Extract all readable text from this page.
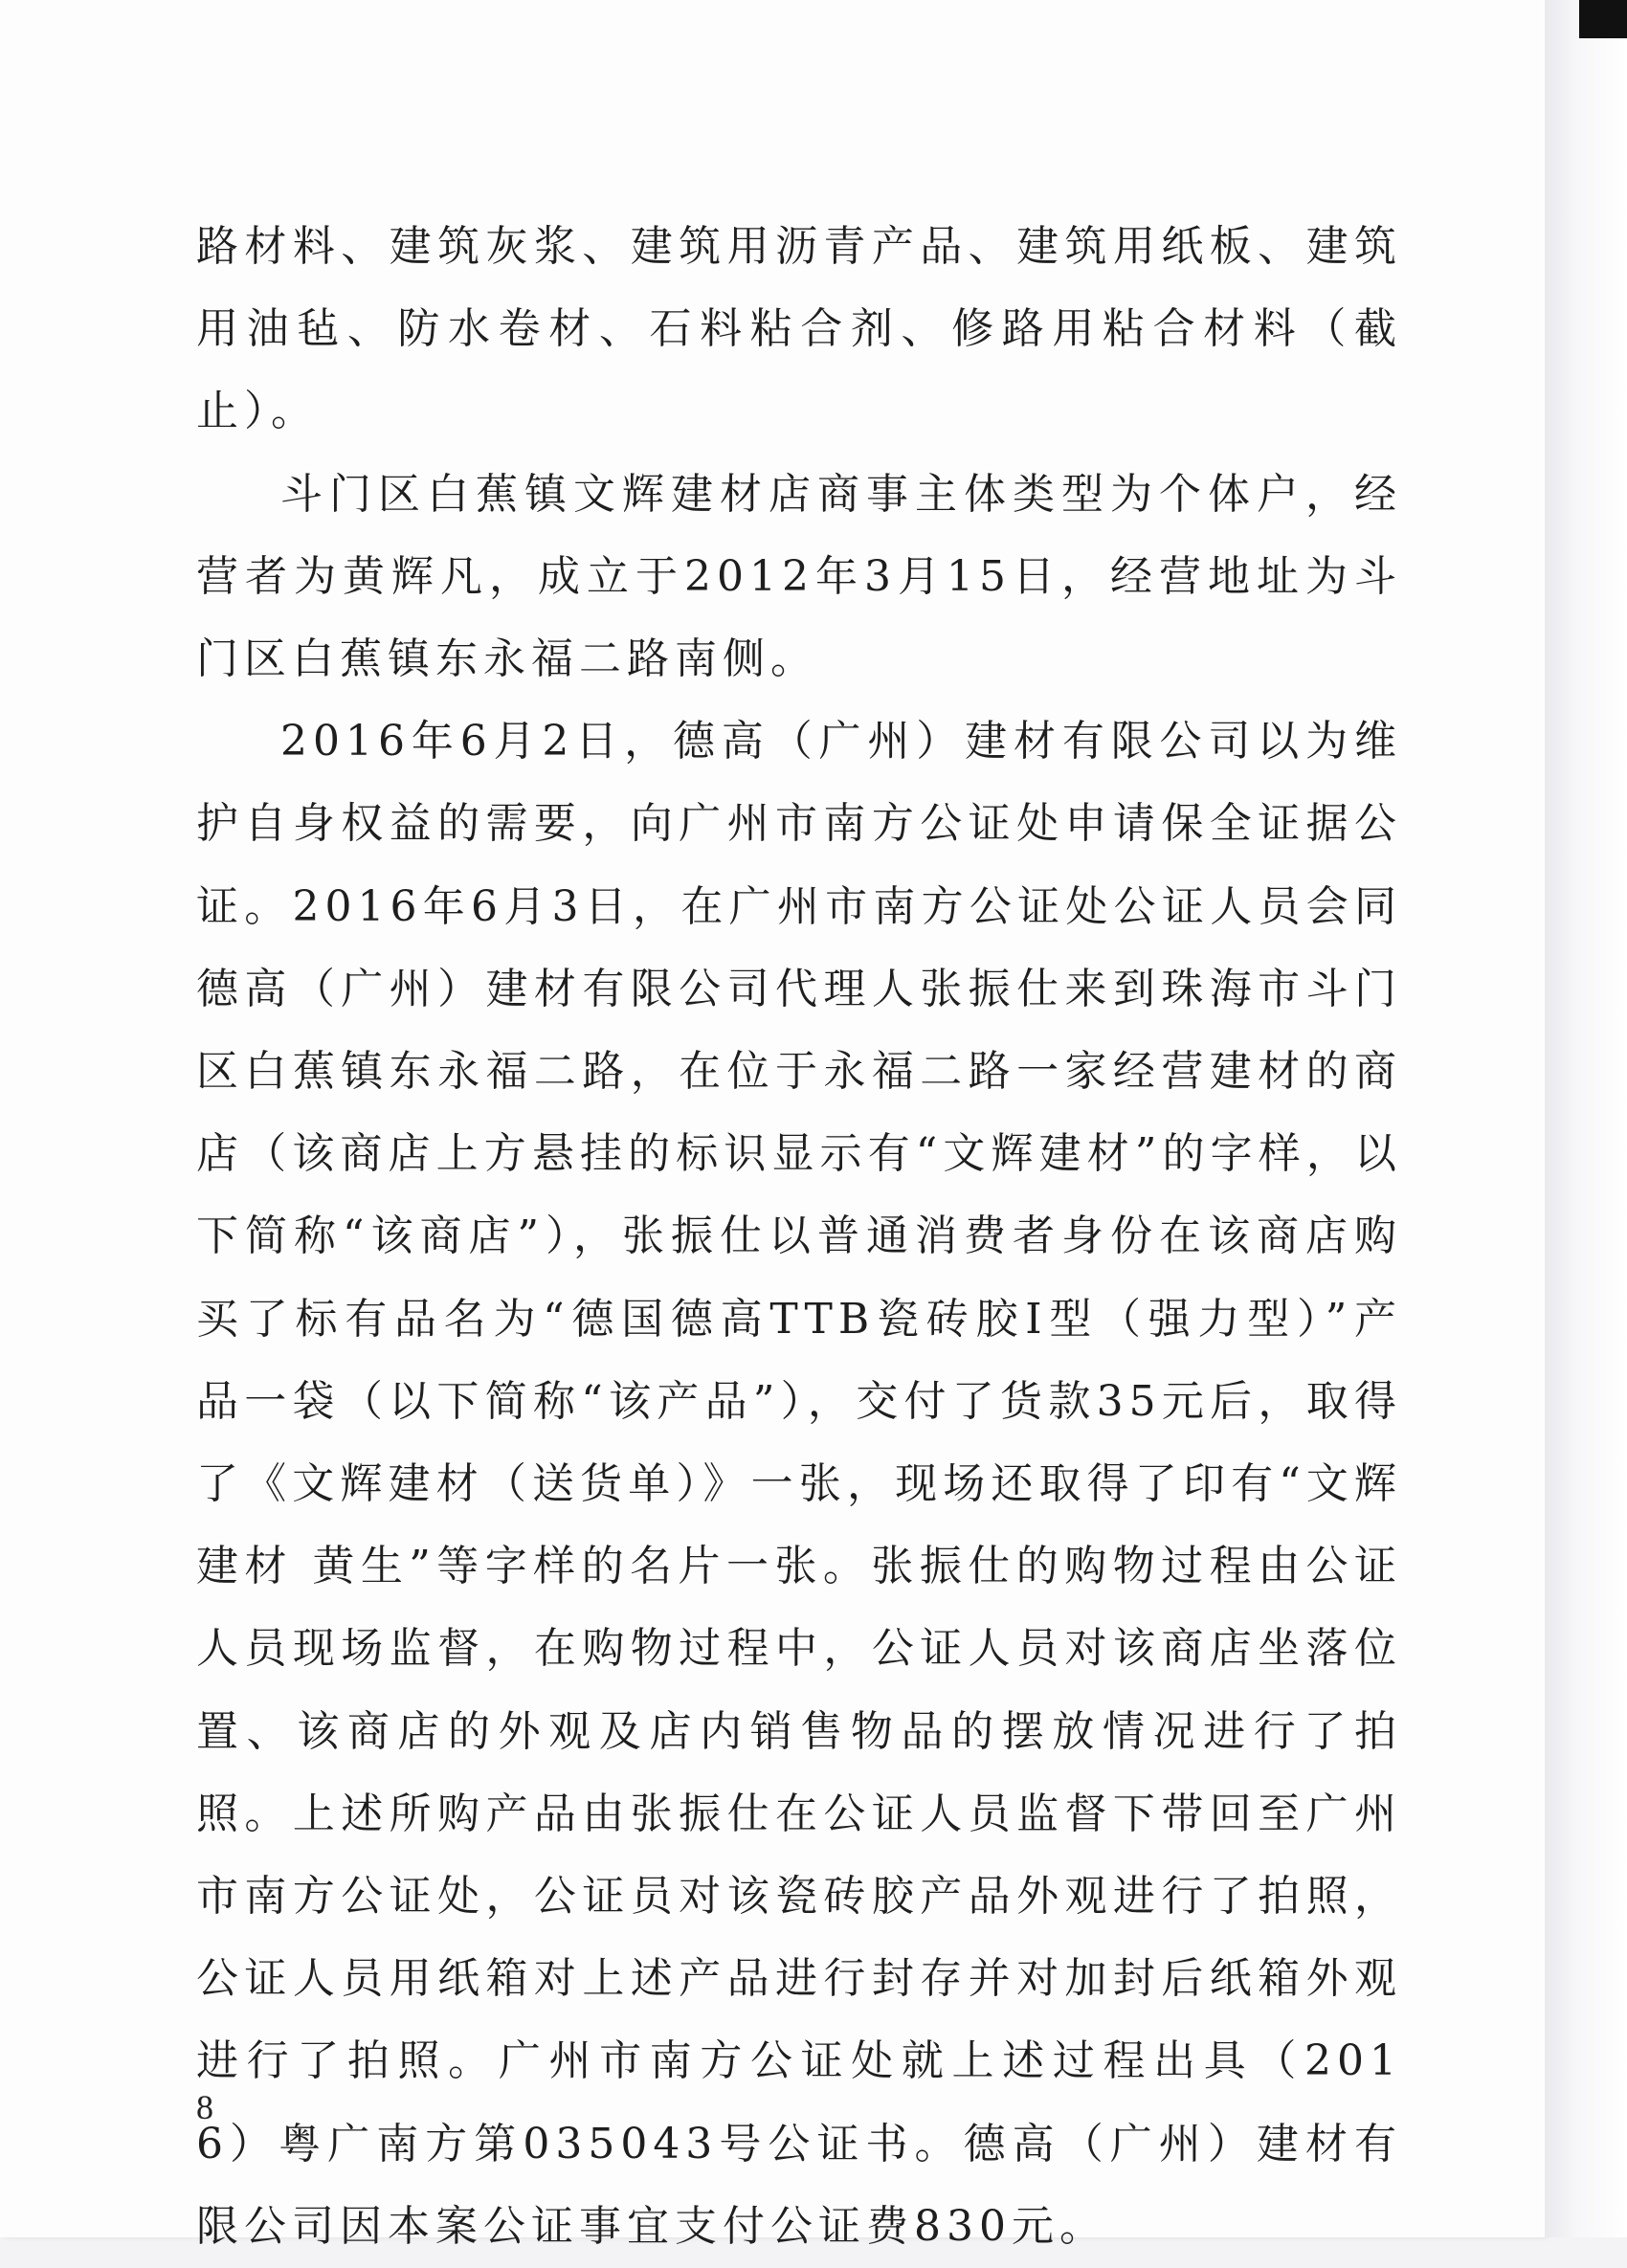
路材料、建筑灰浆、建筑用沥青产品、建筑用纸板、建筑用油毡、防水卷材、石料粘合剂、修路用粘合材料（截止）。

斗门区白蕉镇文辉建材店商事主体类型为个体户，经营者为黄辉凡，成立于2012年3月15日，经营地址为斗门区白蕉镇东永福二路南侧。

2016年6月2日，德高（广州）建材有限公司以为维护自身权益的需要，向广州市南方公证处申请保全证据公证。2016年6月3日，在广州市南方公证处公证人员会同德高（广州）建材有限公司代理人张振仕来到珠海市斗门区白蕉镇东永福二路，在位于永福二路一家经营建材的商店（该商店上方悬挂的标识显示有“文辉建材”的字样，以下简称“该商店”），张振仕以普通消费者身份在该商店购买了标有品名为“德国德高TTB瓷砖胶Ⅰ型（强力型）”产品一袋（以下简称“该产品”），交付了货款35元后，取得了《文辉建材（送货单）》一张，现场还取得了印有“文辉建材 黄生”等字样的名片一张。张振仕的购物过程由公证人员现场监督，在购物过程中，公证人员对该商店坐落位置、该商店的外观及店内销售物品的摆放情况进行了拍照。上述所购产品由张振仕在公证人员监督下带回至广州市南方公证处，公证员对该瓷砖胶产品外观进行了拍照，公证人员用纸箱对上述产品进行封存并对加封后纸箱外观进行了拍照。广州市南方公证处就上述过程出具（2016）粤广南方第035043号公证书。德高（广州）建材有限公司因本案公证事宜支付公证费830元。

8
